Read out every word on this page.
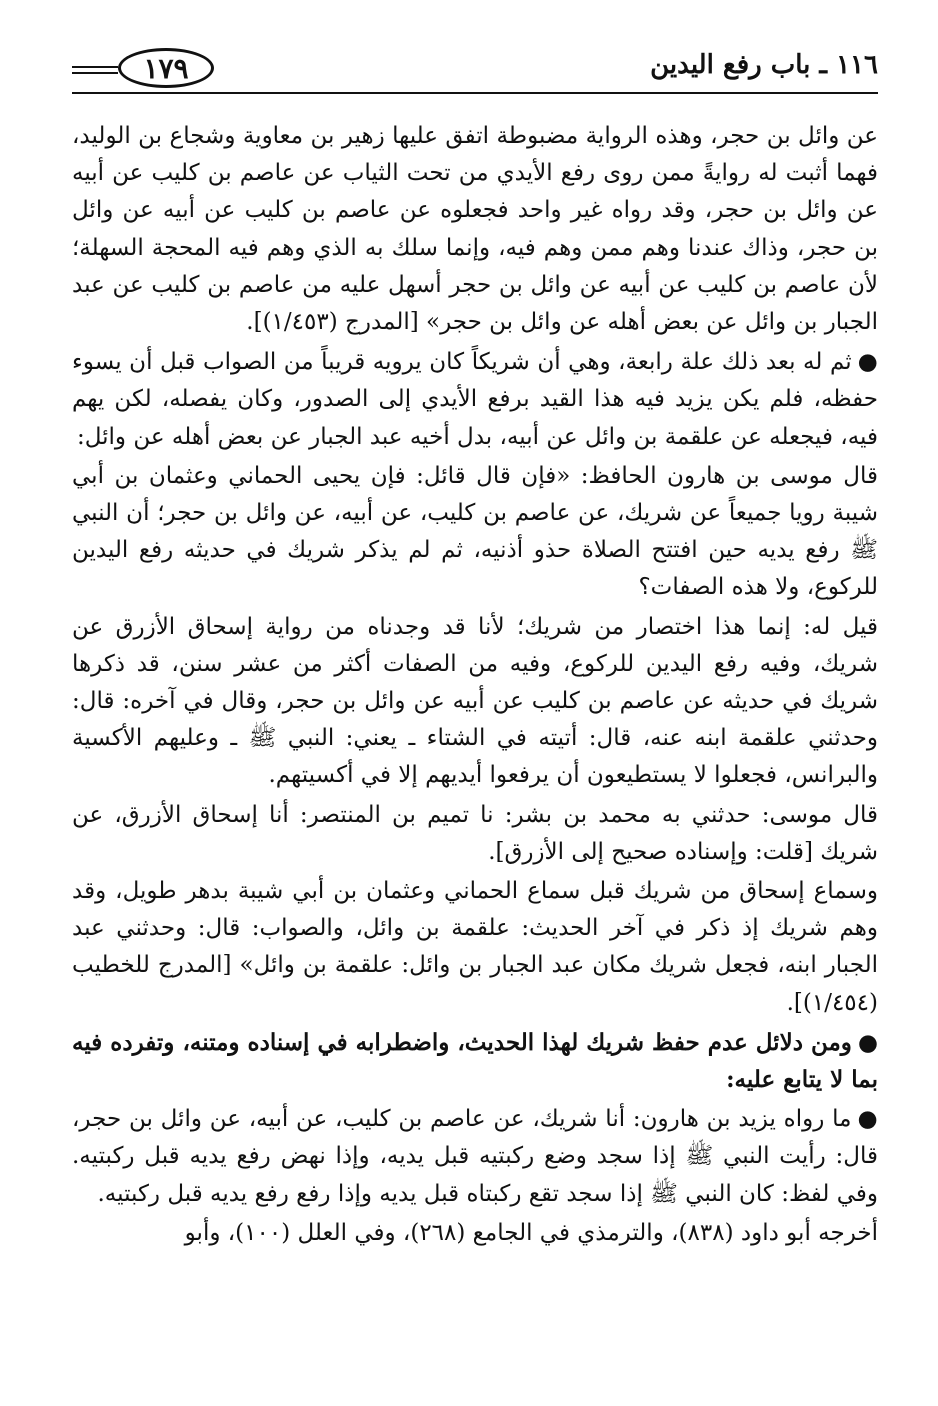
١١٦ ـ باب رفع اليدين
١٧٩

عن وائل بن حجر، وهذه الرواية مضبوطة اتفق عليها زهير بن معاوية وشجاع بن الوليد، فهما أثبت له روايةً ممن روى رفع الأيدي من تحت الثياب عن عاصم بن كليب عن أبيه عن وائل بن حجر، وقد رواه غير واحد فجعلوه عن عاصم بن كليب عن أبيه عن وائل بن حجر، وذاك عندنا وهم ممن وهم فيه، وإنما سلك به الذي وهم فيه المحجة السهلة؛ لأن عاصم بن كليب عن أبيه عن وائل بن حجر أسهل عليه من عاصم بن كليب عن عبد الجبار بن وائل عن بعض أهله عن وائل بن حجر» [المدرج (١/٤٥٣)].

●ثم له بعد ذلك علة رابعة، وهي أن شريكاً كان يرويه قريباً من الصواب قبل أن يسوء حفظه، فلم يكن يزيد فيه هذا القيد برفع الأيدي إلى الصدور، وكان يفصله، لكن يهم فيه، فيجعله عن علقمة بن وائل عن أبيه، بدل أخيه عبد الجبار عن بعض أهله عن وائل:

قال موسى بن هارون الحافظ: «فإن قال قائل: فإن يحيى الحماني وعثمان بن أبي شيبة رويا جميعاً عن شريك، عن عاصم بن كليب، عن أبيه، عن وائل بن حجر؛ أن النبي ﷺ رفع يديه حين افتتح الصلاة حذو أذنيه، ثم لم يذكر شريك في حديثه رفع اليدين للركوع، ولا هذه الصفات؟

قيل له: إنما هذا اختصار من شريك؛ لأنا قد وجدناه من رواية إسحاق الأزرق عن شريك، وفيه رفع اليدين للركوع، وفيه من الصفات أكثر من عشر سنن، قد ذكرها شريك في حديثه عن عاصم بن كليب عن أبيه عن وائل بن حجر، وقال في آخره: قال: وحدثني علقمة ابنه عنه، قال: أتيته في الشتاء ـ يعني: النبي ﷺ ـ وعليهم الأكسية والبرانس، فجعلوا لا يستطيعون أن يرفعوا أيديهم إلا في أكسيتهم.

قال موسى: حدثني به محمد بن بشر: نا تميم بن المنتصر: أنا إسحاق الأزرق، عن شريك [قلت: وإسناده صحيح إلى الأزرق].

وسماع إسحاق من شريك قبل سماع الحماني وعثمان بن أبي شيبة بدهر طويل، وقد وهم شريك إذ ذكر في آخر الحديث: علقمة بن وائل، والصواب: قال: وحدثني عبد الجبار ابنه، فجعل شريك مكان عبد الجبار بن وائل: علقمة بن وائل» [المدرج للخطيب (١/٤٥٤)].

●ومن دلائل عدم حفظ شريك لهذا الحديث، واضطرابه في إسناده ومتنه، وتفرده فيه بما لا يتابع عليه:

●ما رواه يزيد بن هارون: أنا شريك، عن عاصم بن كليب، عن أبيه، عن وائل بن حجر، قال: رأيت النبي ﷺ إذا سجد وضع ركبتيه قبل يديه، وإذا نهض رفع يديه قبل ركبتيه. وفي لفظ: كان النبي ﷺ إذا سجد تقع ركبتاه قبل يديه وإذا رفع رفع يديه قبل ركبتيه.

أخرجه أبو داود (٨٣٨)، والترمذي في الجامع (٢٦٨)، وفي العلل (١٠٠)، وأبو
